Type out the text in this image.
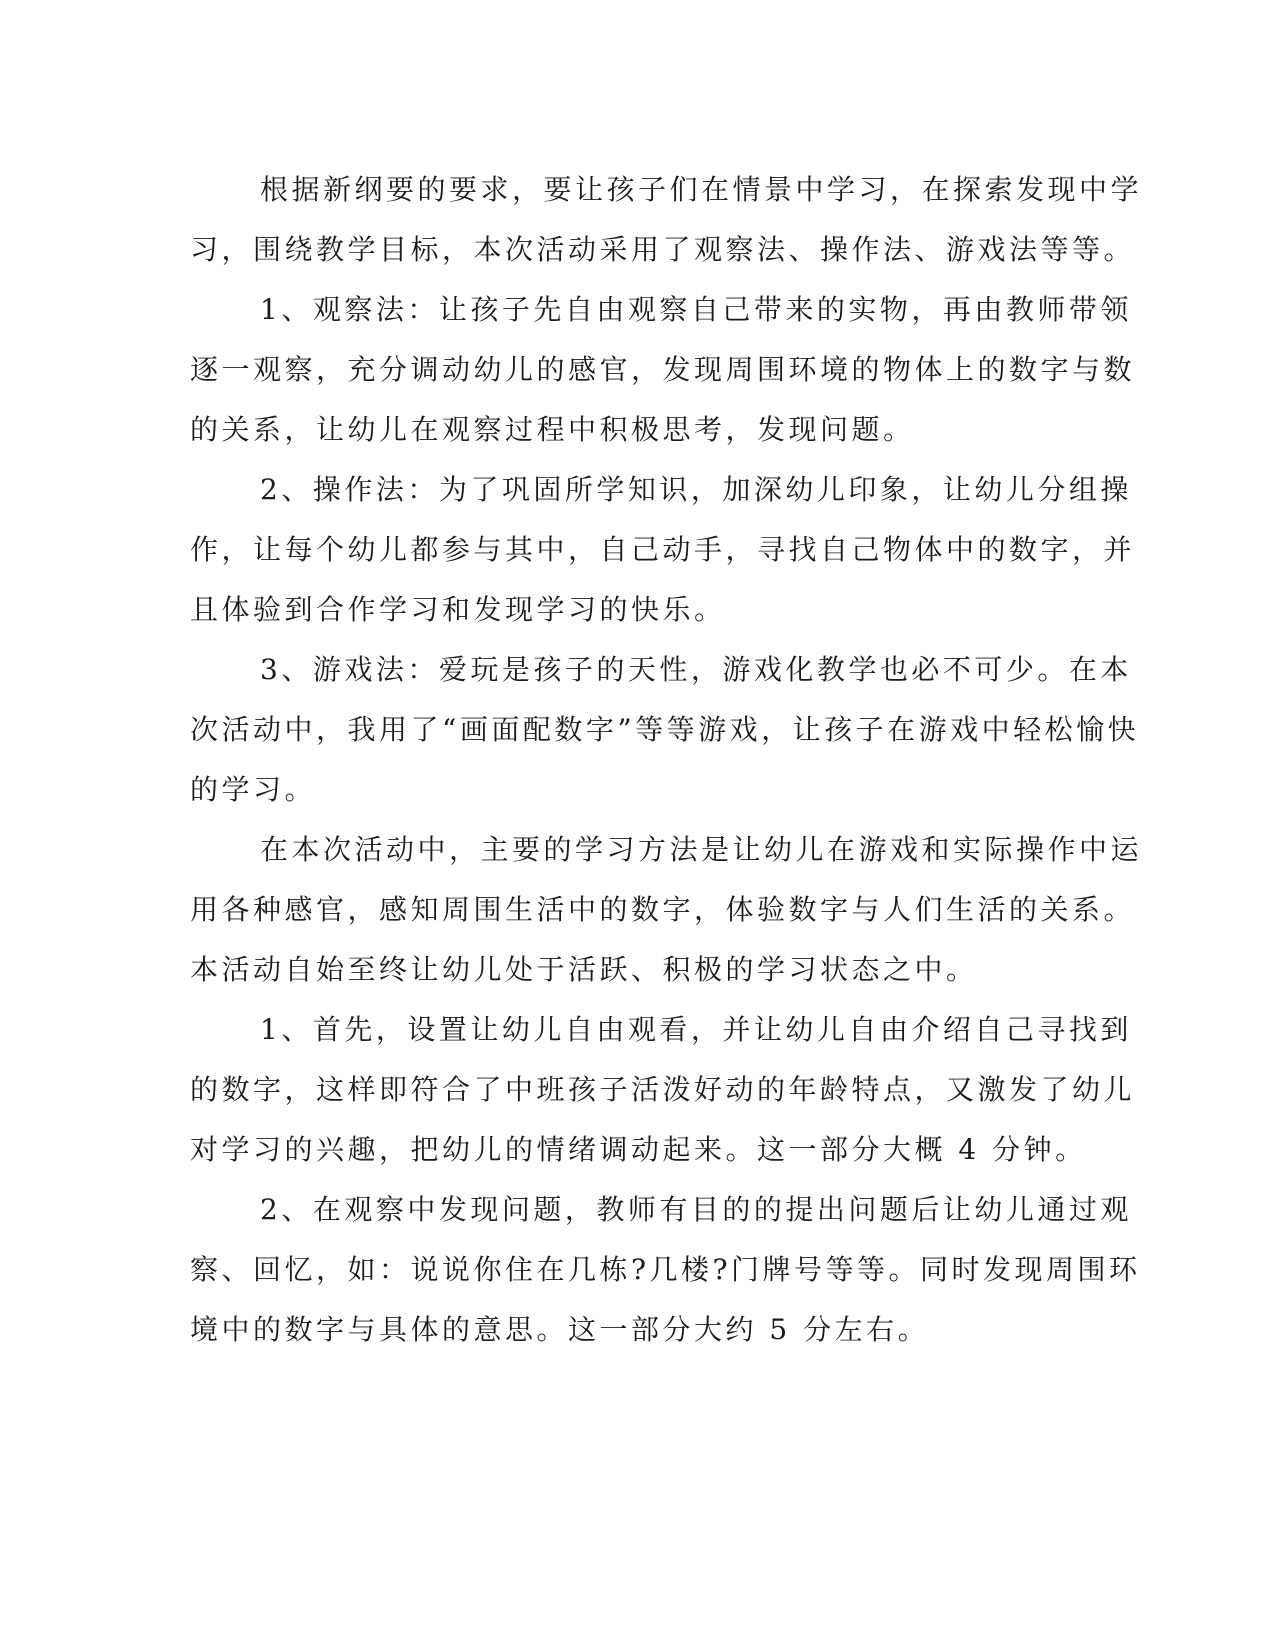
根据新纲要的要求，要让孩子们在情景中学习，在探索发现中学
习，围绕教学目标，本次活动采用了观察法、操作法、游戏法等等。
1、观察法：让孩子先自由观察自己带来的实物，再由教师带领
逐一观察，充分调动幼儿的感官，发现周围环境的物体上的数字与数
的关系，让幼儿在观察过程中积极思考，发现问题。
2、操作法：为了巩固所学知识，加深幼儿印象，让幼儿分组操
作，让每个幼儿都参与其中，自己动手，寻找自己物体中的数字，并
且体验到合作学习和发现学习的快乐。
3、游戏法：爱玩是孩子的天性，游戏化教学也必不可少。在本
次活动中，我用了“画面配数字”等等游戏，让孩子在游戏中轻松愉快
的学习。
在本次活动中，主要的学习方法是让幼儿在游戏和实际操作中运
用各种感官，感知周围生活中的数字，体验数字与人们生活的关系。
本活动自始至终让幼儿处于活跃、积极的学习状态之中。
1、首先，设置让幼儿自由观看，并让幼儿自由介绍自己寻找到
的数字，这样即符合了中班孩子活泼好动的年龄特点，又激发了幼儿
对学习的兴趣，把幼儿的情绪调动起来。这一部分大概 4 分钟。
2、在观察中发现问题，教师有目的的提出问题后让幼儿通过观
察、回忆，如：说说你住在几栋?几楼?门牌号等等。同时发现周围环
境中的数字与具体的意思。这一部分大约 5 分左右。
